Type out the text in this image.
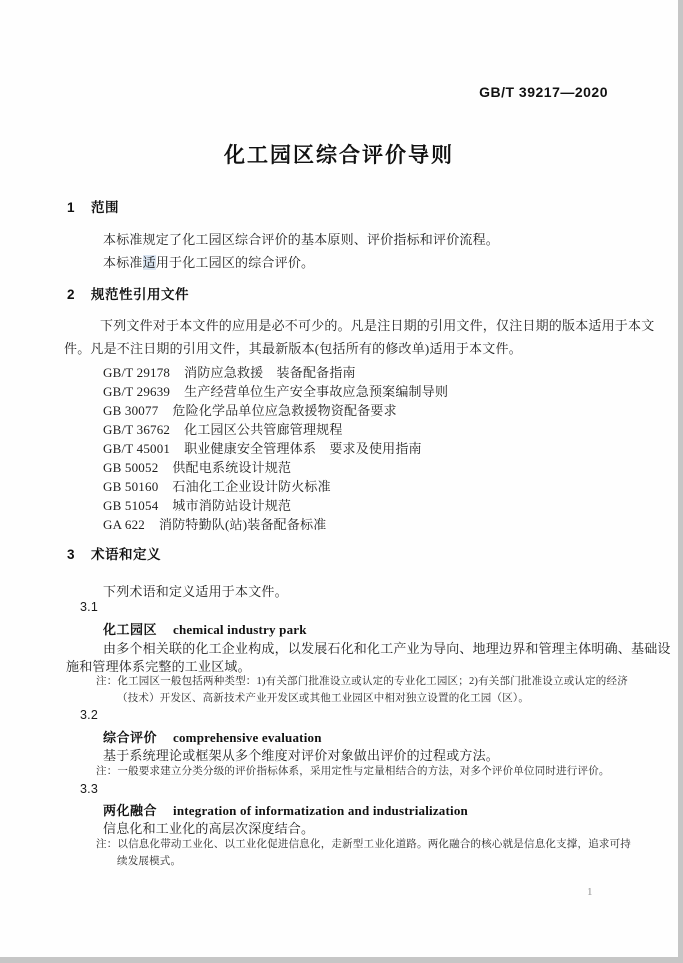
GB/T 39217—2020
化工园区综合评价导则
1 范围
本标准规定了化工园区综合评价的基本原则、评价指标和评价流程。
本标准适用于化工园区的综合评价。
2 规范性引用文件
下列文件对于本文件的应用是必不可少的。凡是注日期的引用文件，仅注日期的版本适用于本文
件。凡是不注日期的引用文件，其最新版本(包括所有的修改单)适用于本文件。
GB/T 29178 消防应急救援　装备配备指南
GB/T 29639 生产经营单位生产安全事故应急预案编制导则
GB 30077 危险化学品单位应急救援物资配备要求
GB/T 36762 化工园区公共管廊管理规程
GB/T 45001 职业健康安全管理体系　要求及使用指南
GB 50052 供配电系统设计规范
GB 50160 石油化工企业设计防火标准
GB 51054 城市消防站设计规范
GA 622 消防特勤队(站)装备配备标准
3 术语和定义
下列术语和定义适用于本文件。
3.1
化工园区 chemical industry park
由多个相关联的化工企业构成，以发展石化和化工产业为导向、地理边界和管理主体明确、基础设
施和管理体系完整的工业区域。
注：化工园区一般包括两种类型：1)有关部门批准设立或认定的专业化工园区；2)有关部门批准设立或认定的经济
（技术）开发区、高新技术产业开发区或其他工业园区中相对独立设置的化工园（区）。
3.2
综合评价 comprehensive evaluation
基于系统理论或框架从多个维度对评价对象做出评价的过程或方法。
注：一般要求建立分类分级的评价指标体系，采用定性与定量相结合的方法，对多个评价单位同时进行评价。
3.3
两化融合 integration of informatization and industrialization
信息化和工业化的高层次深度结合。
注：以信息化带动工业化、以工业化促进信息化，走新型工业化道路。两化融合的核心就是信息化支撑，追求可持
续发展模式。
1
